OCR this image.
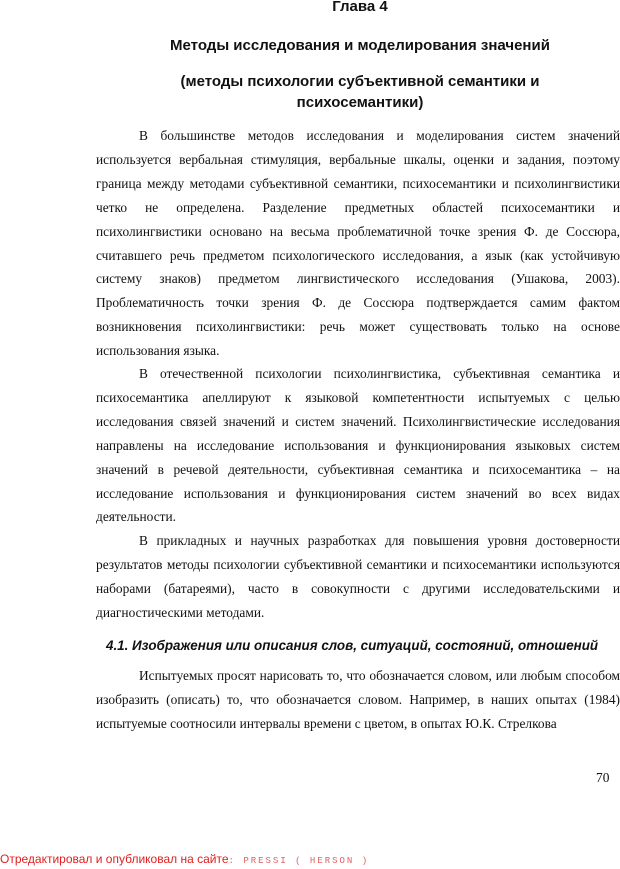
Глава 4
Методы исследования и моделирования значений
(методы психологии субъективной семантики и психосемантики)

В большинстве методов исследования и моделирования систем значений используется вербальная стимуляция, вербальные шкалы, оценки и задания, поэтому граница между методами субъективной семантики, психосемантики и психолингвистики четко не определена. Разделение предметных областей психосемантики и психолингвистики основано на весьма проблематичной точке зрения Ф. де Соссюра, считавшего речь предметом психологического исследования, а язык (как устойчивую систему знаков) предметом лингвистического исследования (Ушакова, 2003). Проблематичность точки зрения Ф. де Соссюра подтверждается самим фактом возникновения психолингвистики: речь может существовать только на основе использования языка.

В отечественной психологии психолингвистика, субъективная семантика и психосемантика апеллируют к языковой компетентности испытуемых с целью исследования связей значений и систем значений. Психолингвистические исследования направлены на исследование использования и функционирования языковых систем значений в речевой деятельности, субъективная семантика и психосемантика – на исследование использования и функционирования систем значений во всех видах деятельности.

В прикладных и научных разработках для повышения уровня достоверности результатов методы психологии субъективной семантики и психосемантики используются наборами (батареями), часто в совокупности с другими исследовательскими и диагностическими методами.

4.1. Изображения или описания слов, ситуаций, состояний, отношений

Испытуемых просят нарисовать то, что обозначается словом, или любым способом изобразить (описать) то, что обозначается словом. Например, в наших опытах (1984) испытуемые соотносили интервалы времени с цветом, в опытах Ю.К. Стрелкова

70
Отредактировал и опубликовал на сайте: PRESSI ( HERSON )
